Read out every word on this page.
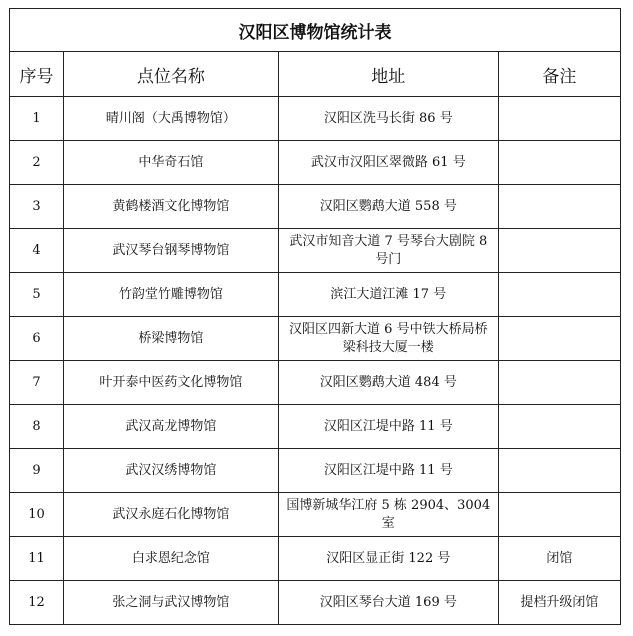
汉阳区博物馆统计表			
序号	点位名称	地址	备注
1	晴川阁（大禹博物馆）	汉阳区洗马长街 86 号	
2	中华奇石馆	武汉市汉阳区翠微路 61 号	
3	黄鹤楼酒文化博物馆	汉阳区鹦鹉大道 558 号	
4	武汉琴台钢琴博物馆	武汉市知音大道 7 号琴台大剧院 8 号门	
5	竹韵堂竹雕博物馆	滨江大道江滩 17 号	
6	桥梁博物馆	汉阳区四新大道 6 号中铁大桥局桥梁科技大厦一楼	
7	叶开泰中医药文化博物馆	汉阳区鹦鹉大道 484 号	
8	武汉高龙博物馆	汉阳区江堤中路 11 号	
9	武汉汉绣博物馆	汉阳区江堤中路 11 号	
10	武汉永庭石化博物馆	国博新城华江府 5 栋 2904、3004 室	
11	白求恩纪念馆	汉阳区显正街 122 号	闭馆
12	张之洞与武汉博物馆	汉阳区琴台大道 169 号	提档升级闭馆
